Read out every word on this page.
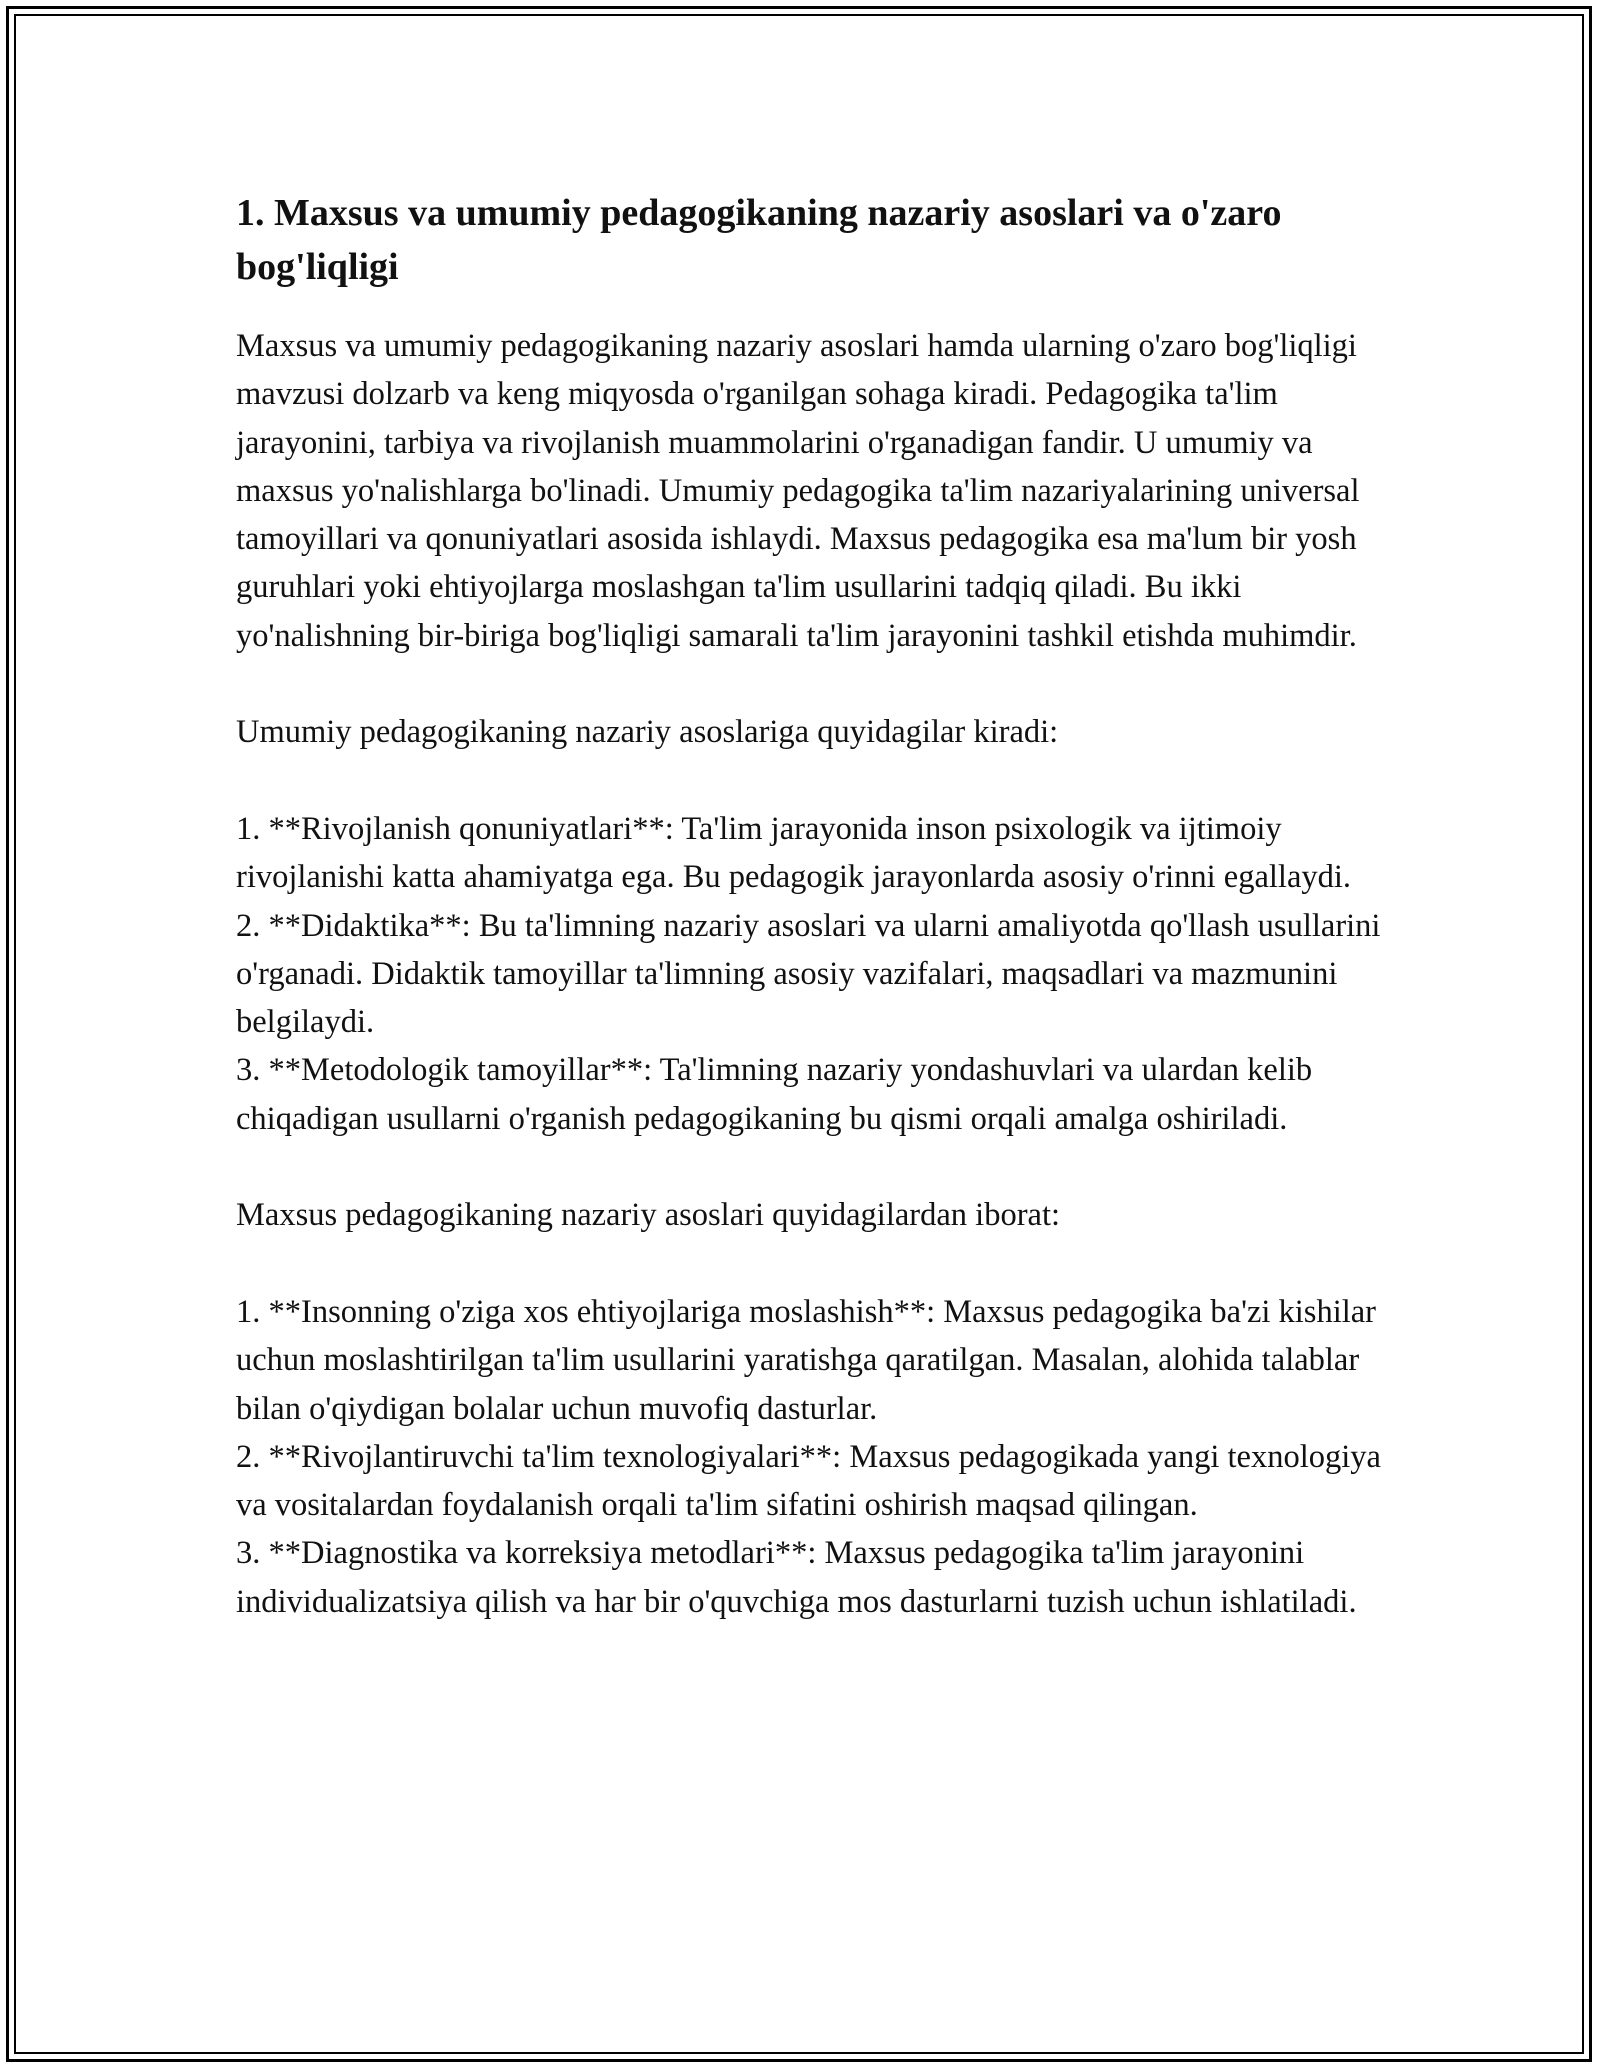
1. Maxsus va umumiy pedagogikaning nazariy asoslari va o'zaro bog'liqligi

Maxsus va umumiy pedagogikaning nazariy asoslari hamda ularning o'zaro bog'liqligi mavzusi dolzarb va keng miqyosda o'rganilgan sohaga kiradi. Pedagogika ta'lim jarayonini, tarbiya va rivojlanish muammolarini o'rganadigan fandir. U umumiy va maxsus yo'nalishlarga bo'linadi. Umumiy pedagogika ta'lim nazariyalarining universal tamoyillari va qonuniyatlari asosida ishlaydi. Maxsus pedagogika esa ma'lum bir yosh guruhlari yoki ehtiyojlarga moslashgan ta'lim usullarini tadqiq qiladi. Bu ikki yo'nalishning bir-biriga bog'liqligi samarali ta'lim jarayonini tashkil etishda muhimdir.

Umumiy pedagogikaning nazariy asoslariga quyidagilar kiradi:

1. **Rivojlanish qonuniyatlari**: Ta'lim jarayonida inson psixologik va ijtimoiy rivojlanishi katta ahamiyatga ega. Bu pedagogik jarayonlarda asosiy o'rinni egallaydi.

2. **Didaktika**: Bu ta'limning nazariy asoslari va ularni amaliyotda qo'llash usullarini o'rganadi. Didaktik tamoyillar ta'limning asosiy vazifalari, maqsadlari va mazmunini belgilaydi.

3. **Metodologik tamoyillar**: Ta'limning nazariy yondashuvlari va ulardan kelib chiqadigan usullarni o'rganish pedagogikaning bu qismi orqali amalga oshiriladi.

Maxsus pedagogikaning nazariy asoslari quyidagilardan iborat:

1. **Insonning o'ziga xos ehtiyojlariga moslashish**: Maxsus pedagogika ba'zi kishilar uchun moslashtirilgan ta'lim usullarini yaratishga qaratilgan. Masalan, alohida talablar bilan o'qiydigan bolalar uchun muvofiq dasturlar.

2. **Rivojlantiruvchi ta'lim texnologiyalari**: Maxsus pedagogikada yangi texnologiya va vositalardan foydalanish orqali ta'lim sifatini oshirish maqsad qilingan.

3. **Diagnostika va korreksiya metodlari**: Maxsus pedagogika ta'lim jarayonini individualizatsiya qilish va har bir o'quvchiga mos dasturlarni tuzish uchun ishlatiladi.
